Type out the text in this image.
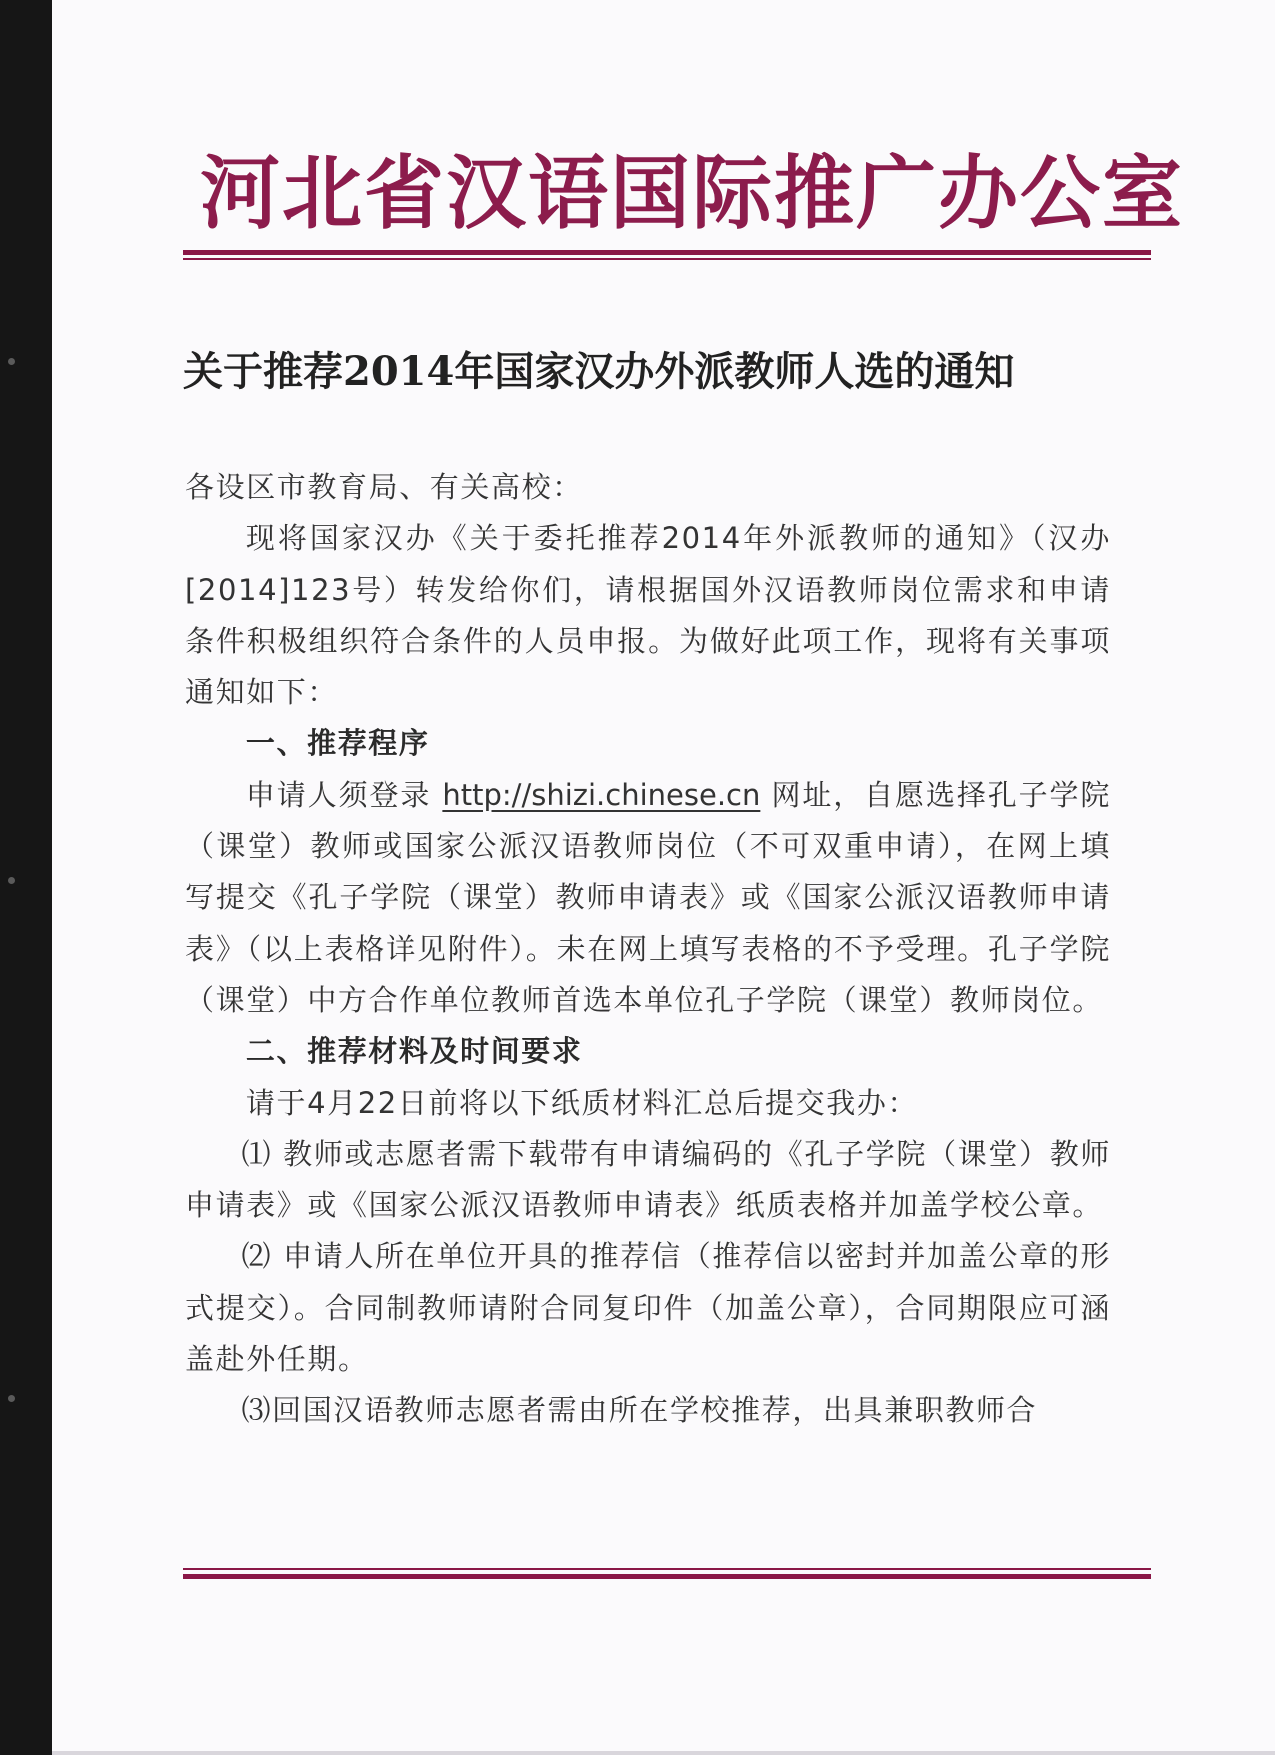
河北省汉语国际推广办公室
关于推荐2014年国家汉办外派教师人选的通知

各设区市教育局、有关高校：

现将国家汉办《关于委托推荐2014年外派教师的通知》（汉办[2014]123号）转发给你们，请根据国外汉语教师岗位需求和申请条件积极组织符合条件的人员申报。为做好此项工作，现将有关事项通知如下：

一、推荐程序

申请人须登录 http://shizi.chinese.cn 网址，自愿选择孔子学院（课堂）教师或国家公派汉语教师岗位（不可双重申请），在网上填写提交《孔子学院（课堂）教师申请表》或《国家公派汉语教师申请表》（以上表格详见附件）。未在网上填写表格的不予受理。孔子学院（课堂）中方合作单位教师首选本单位孔子学院（课堂）教师岗位。

二、推荐材料及时间要求

请于4月22日前将以下纸质材料汇总后提交我办：

⑴ 教师或志愿者需下载带有申请编码的《孔子学院（课堂）教师申请表》或《国家公派汉语教师申请表》纸质表格并加盖学校公章。

⑵ 申请人所在单位开具的推荐信（推荐信以密封并加盖公章的形式提交）。合同制教师请附合同复印件（加盖公章），合同期限应可涵盖赴外任期。

⑶回国汉语教师志愿者需由所在学校推荐，出具兼职教师合
